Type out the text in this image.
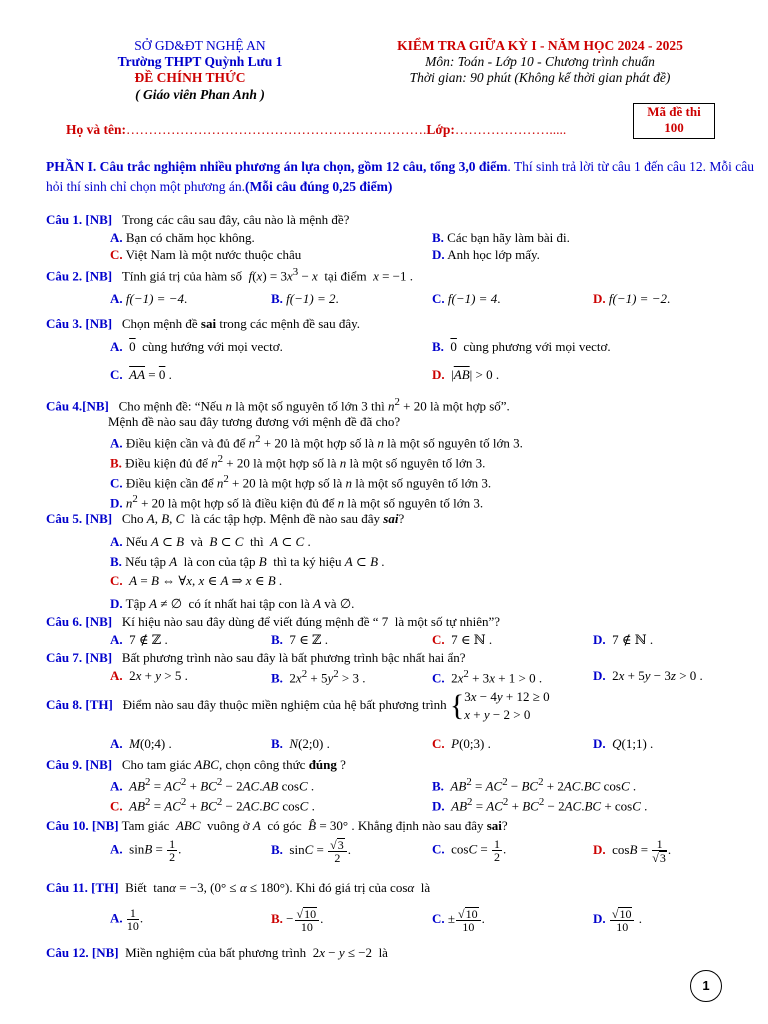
SỞ GD&ĐT NGHỆ AN
Trường THPT Quỳnh Lưu 1
ĐỀ CHÍNH THỨC
( Giáo viên Phan Anh )
KIỂM TRA GIỮA KỲ I - NĂM HỌC 2024 - 2025
Môn: Toán - Lớp 10 - Chương trình chuẩn
Thời gian: 90 phút (Không kể thời gian phát đề)
Mã đề thi
100
Họ và tên:………………………………………………………….Lớp:………………….....
PHẦN I. Câu trắc nghiệm nhiều phương án lựa chọn, gồm 12 câu, tổng 3,0 điểm. Thí sinh trả lời từ câu 1 đến câu 12. Mỗi câu hỏi thí sinh chỉ chọn một phương án.(Mỗi câu đúng 0,25 điểm)
Câu 1. [NB] Trong các câu sau đây, câu nào là mệnh đề?
A. Bạn có chăm học không.	B. Các bạn hãy làm bài đi.
C. Việt Nam là một nước thuộc châu	D. Anh học lớp mấy.
Câu 2. [NB] Tính giá trị của hàm số $f(x) = 3x^3 - x$ tại điểm x = −1 .
A. f(−1) = −4.	B. f(−1) = 2.	C. f(−1) = 4.	D. f(−1) = −2.
Câu 3. [NB] Chọn mệnh đề sai trong các mệnh đề sau đây.
A. 0 cùng hướng với mọi vectơ.	B. 0 cùng phương với mọi vectơ.
C. $\overline{AA} = 0$ .	D.  $|\overline{AB}| > 0$ .
Câu 4.[NB] Cho mệnh đề: “Nếu n là một số nguyên tố lớn 3 thì $n^2 + 20$ là một hợp số”.
Mệnh đề nào sau đây tương đương với mệnh đề đã cho?
A. Điều kiện cần và đủ để $n^2 + 20$ là một hợp số là n là một số nguyên tố lớn 3.
B. Điều kiện đủ để $n^2 + 20$ là một hợp số là n là một số nguyên tố lớn 3.
C. Điều kiện cần để $n^2 + 20$ là một hợp số là n là một số nguyên tố lớn 3.
D. $n^2 + 20$ là một hợp số là điều kiện đủ để n là một số nguyên tố lớn 3.
Câu 5. [NB] Cho A, B, C là các tập hợp. Mệnh đề nào sau đây sai?
A. Nếu A ⊂ B và B ⊂ C thì A ⊂ C .
B. Nếu tập A là con của tập B thì ta ký hiệu A ⊂ B .
C. A = B ⇔ ∀x, x ∈ A ⇒ x ∈ B .
D. Tập A ≠ ∅  có ít nhất hai tập con là A và ∅.
Câu 6. [NB] Kí hiệu nào sau đây dùng để viết đúng mệnh đề “ 7  là một số tự nhiên”?
A.  7 ∉ ℤ .	B.  7 ∈ ℤ .	C.  7 ∈ ℕ .	D.  7 ∉ ℕ .
Câu 7. [NB] Bất phương trình nào sau đây là bất phương trình bậc nhất hai ẩn?
A.  2x + y > 5 .	B.  $2x^2 + 5y^2 > 3$ .	C.  $2x^2 + 3x + 1 > 0$ .	D.  2x + 5y − 3z > 0 .
Câu 8. [TH] Điểm nào sau đây thuộc miền nghiệm của hệ bất phương trình { 3x − 4y + 12 ≥ 0
x + y − 2 > 0
A. M(0;4) .	B. N(2;0) .	C. P(0;3) .	D. Q(1;1) .
Câu 9. [NB] Cho tam giác ABC, chọn công thức đúng ?
A. $AB^2 = AC^2 + BC^2 - 2AC.AB$ cosC .	B. $AB^2 = AC^2 - BC^2 + 2AC.BC$ cosC .
C. $AB^2 = AC^2 + BC^2 - 2AC.BC$ cosC .	D. $AB^2 = AC^2 + BC^2 - 2AC.BC + \cos C$ .
Câu 10. [NB] Tam giác ABC vuông ở A có góc B̂ = 30° . Khẳng định nào sau đây sai?
A.  $\sin B = \frac{1}{2}$ .	B.  $\sin C = \frac{√3}{2}$ .	C.  $\cos C = \frac{1}{2}$ .	D.  $\cos B = \frac{1}{√3}$ .
Câu 11. [TH] Biết  tanα = −3, (0° ≤ α ≤ 180°). Khi đó giá trị của cosα là
A. $\frac{1}{10}$ .	B. − $\frac{√10}{10}$ .	C. ± $\frac{√10}{10}$ .	D. $\frac{√10}{10}$ .
Câu 12. [NB] Miền nghiệm của bất phương trình  2x − y ≤ −2  là
1
